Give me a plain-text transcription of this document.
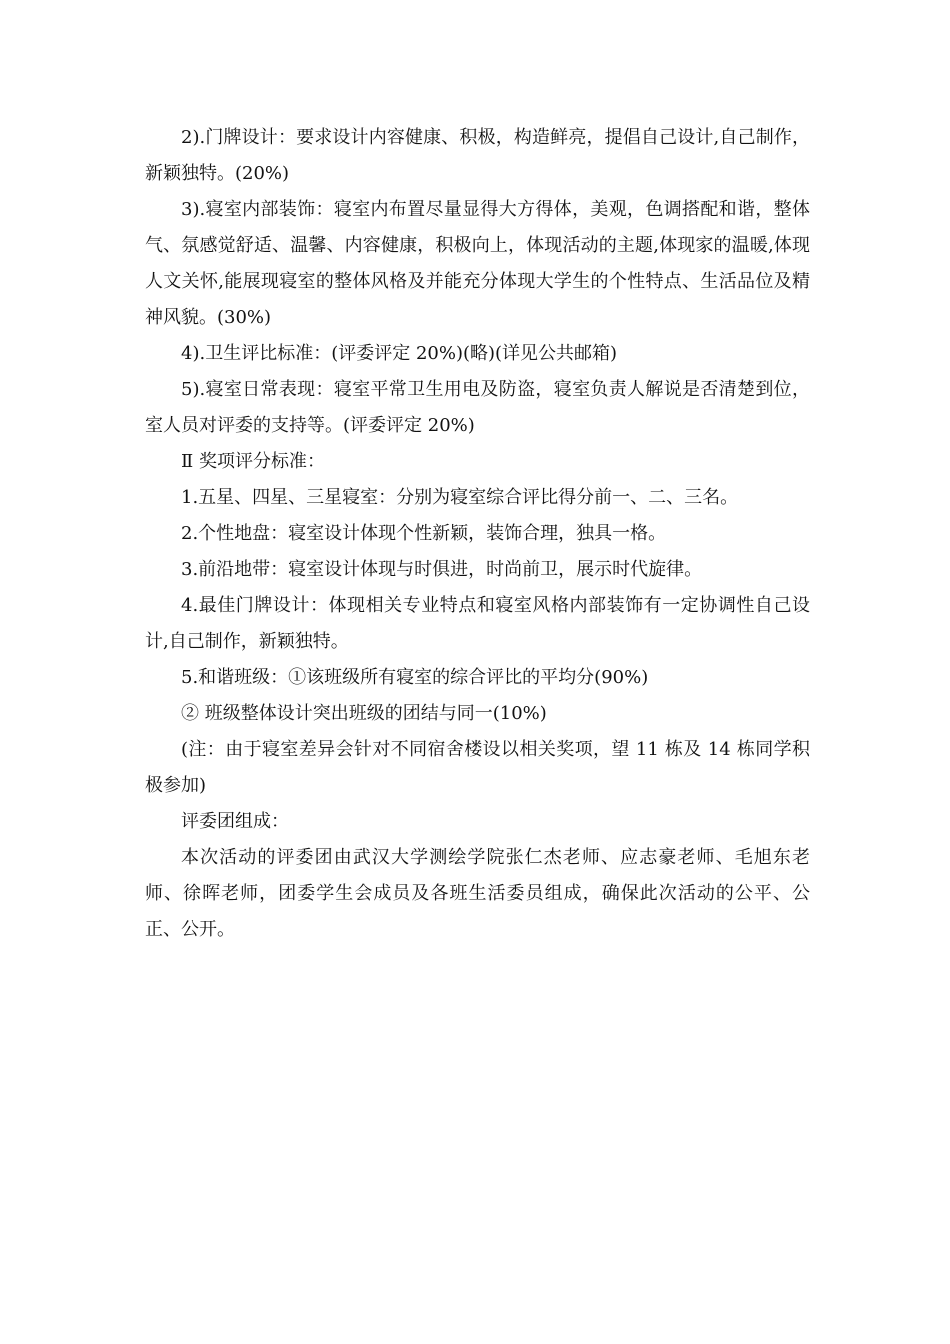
2).门牌设计：要求设计内容健康、积极，构造鲜亮，提倡自己设计,自己制作，新颖独特。(20%)

3).寝室内部装饰：寝室内布置尽量显得大方得体，美观，色调搭配和谐，整体气、氛感觉舒适、温馨、内容健康，积极向上，体现活动的主题,体现家的温暖,体现人文关怀,能展现寝室的整体风格及并能充分体现大学生的个性特点、生活品位及精神风貌。(30%)

4).卫生评比标准：(评委评定 20%)(略)(详见公共邮箱)

5).寝室日常表现：寝室平常卫生用电及防盗，寝室负责人解说是否清楚到位，室人员对评委的支持等。(评委评定 20%)

Ⅱ 奖项评分标准：

1.五星、四星、三星寝室：分别为寝室综合评比得分前一、二、三名。

2.个性地盘：寝室设计体现个性新颖，装饰合理，独具一格。

3.前沿地带：寝室设计体现与时俱进，时尚前卫，展示时代旋律。

4.最佳门牌设计：体现相关专业特点和寝室风格内部装饰有一定协调性自己设计,自己制作，新颖独特。

5.和谐班级：①该班级所有寝室的综合评比的平均分(90%)

② 班级整体设计突出班级的团结与同一(10%)

(注：由于寝室差异会针对不同宿舍楼设以相关奖项，望 11 栋及 14 栋同学积极参加)

评委团组成：

本次活动的评委团由武汉大学测绘学院张仁杰老师、应志豪老师、毛旭东老师、徐晖老师，团委学生会成员及各班生活委员组成，确保此次活动的公平、公正、公开。
